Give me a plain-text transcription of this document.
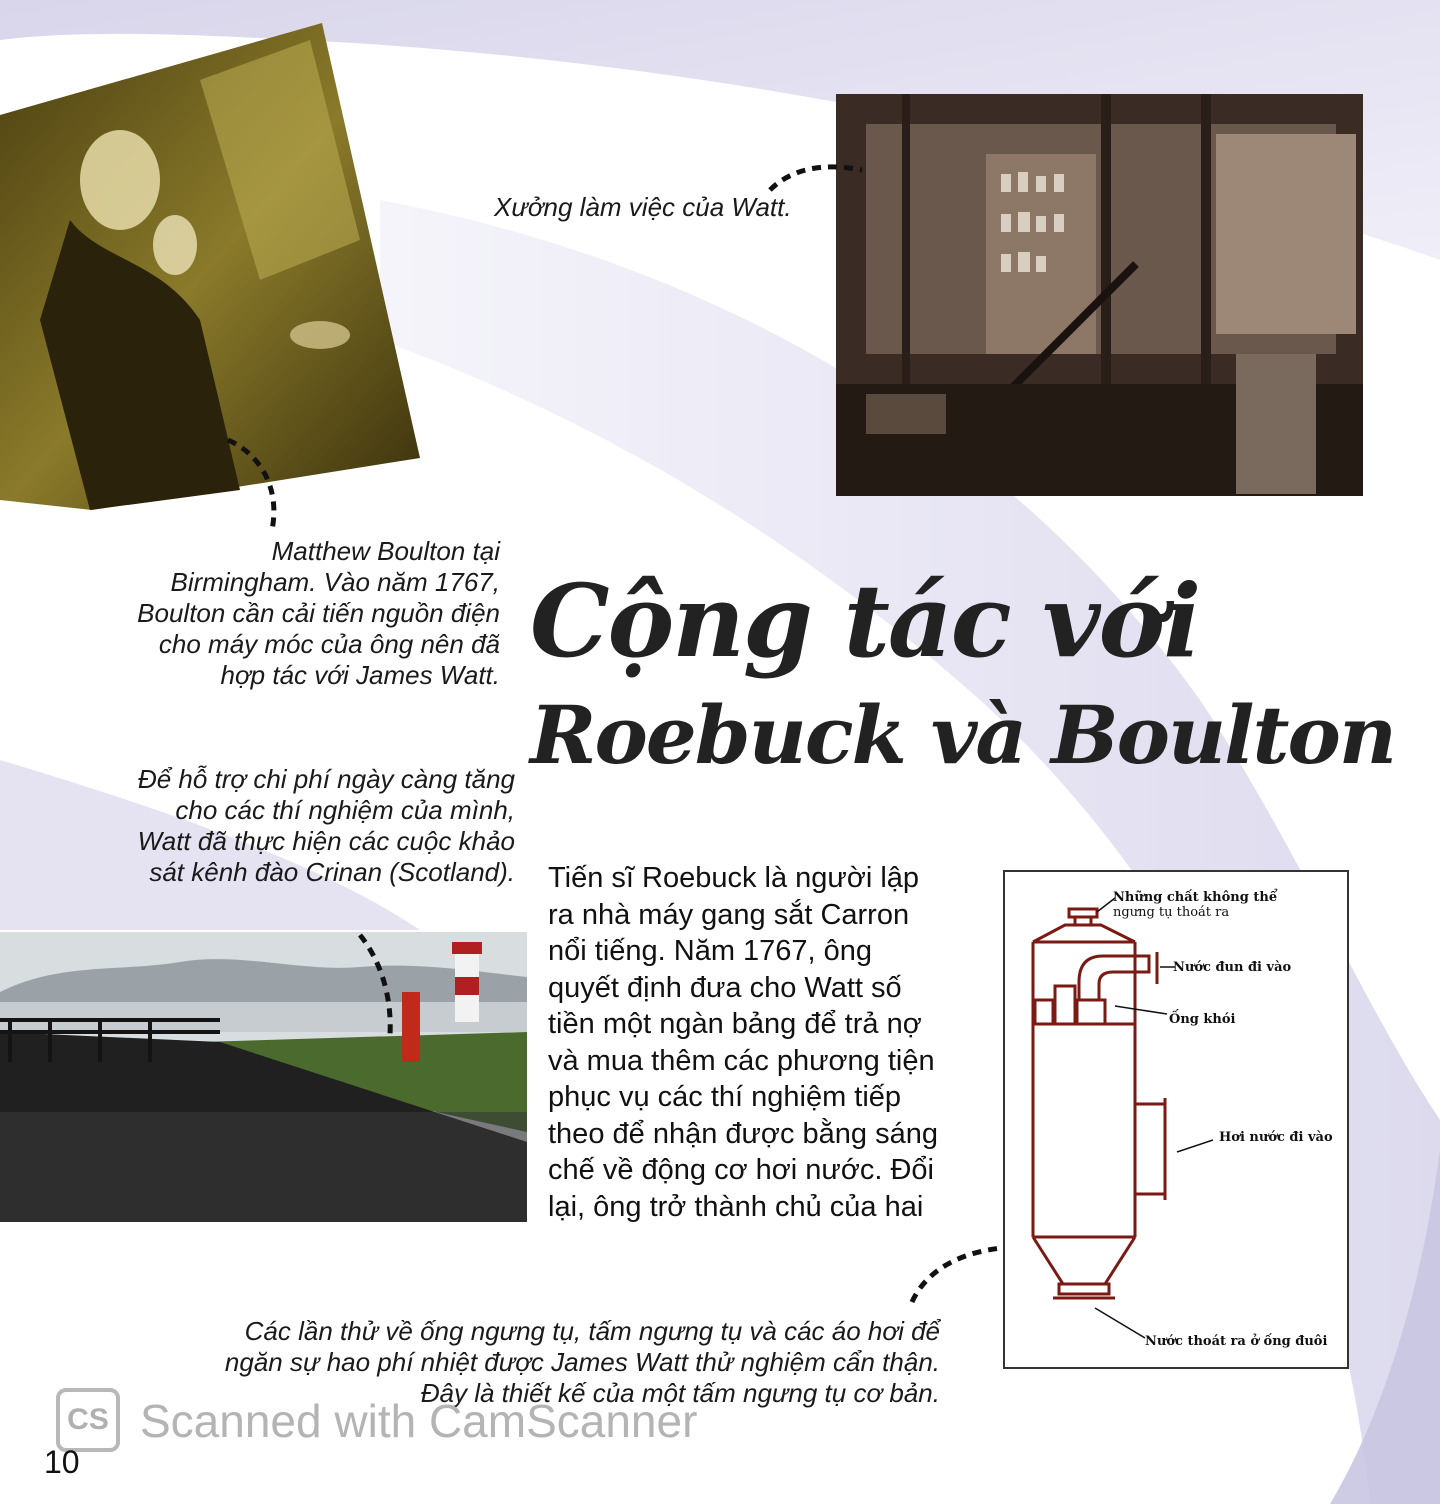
Xưởng làm việc của Watt.
Matthew Boulton tại
Birmingham. Vào năm 1767,
Boulton cần cải tiến nguồn điện
cho máy móc của ông nên đã
hợp tác với James Watt.
Để hỗ trợ chi phí ngày càng tăng
cho các thí nghiệm của mình,
Watt đã thực hiện các cuộc khảo
sát kênh đào Crinan (Scotland).
Các lần thử về ống ngưng tụ, tấm ngưng tụ và các áo hơi để
ngăn sự hao phí nhiệt được James Watt thử nghiệm cẩn thận.
Đây là thiết kế của một tấm ngưng tụ cơ bản.
Cộng tác với
Roebuck và Boulton
Tiến sĩ Roebuck là người lập
ra nhà máy gang sắt Carron
nổi tiếng. Năm 1767, ông
quyết định đưa cho Watt số
tiền một ngàn bảng để trả nợ
và mua thêm các phương tiện
phục vụ các thí nghiệm tiếp
theo để nhận được bằng sáng
chế về động cơ hơi nước. Đổi
lại, ông trở thành chủ của hai
Những chất không thể
ngưng tụ thoát ra
Nước đun đi vào
Ống khói
Hơi nước đi vào
Nước thoát ra ở ống đuôi
CS Scanned with CamScanner
10
